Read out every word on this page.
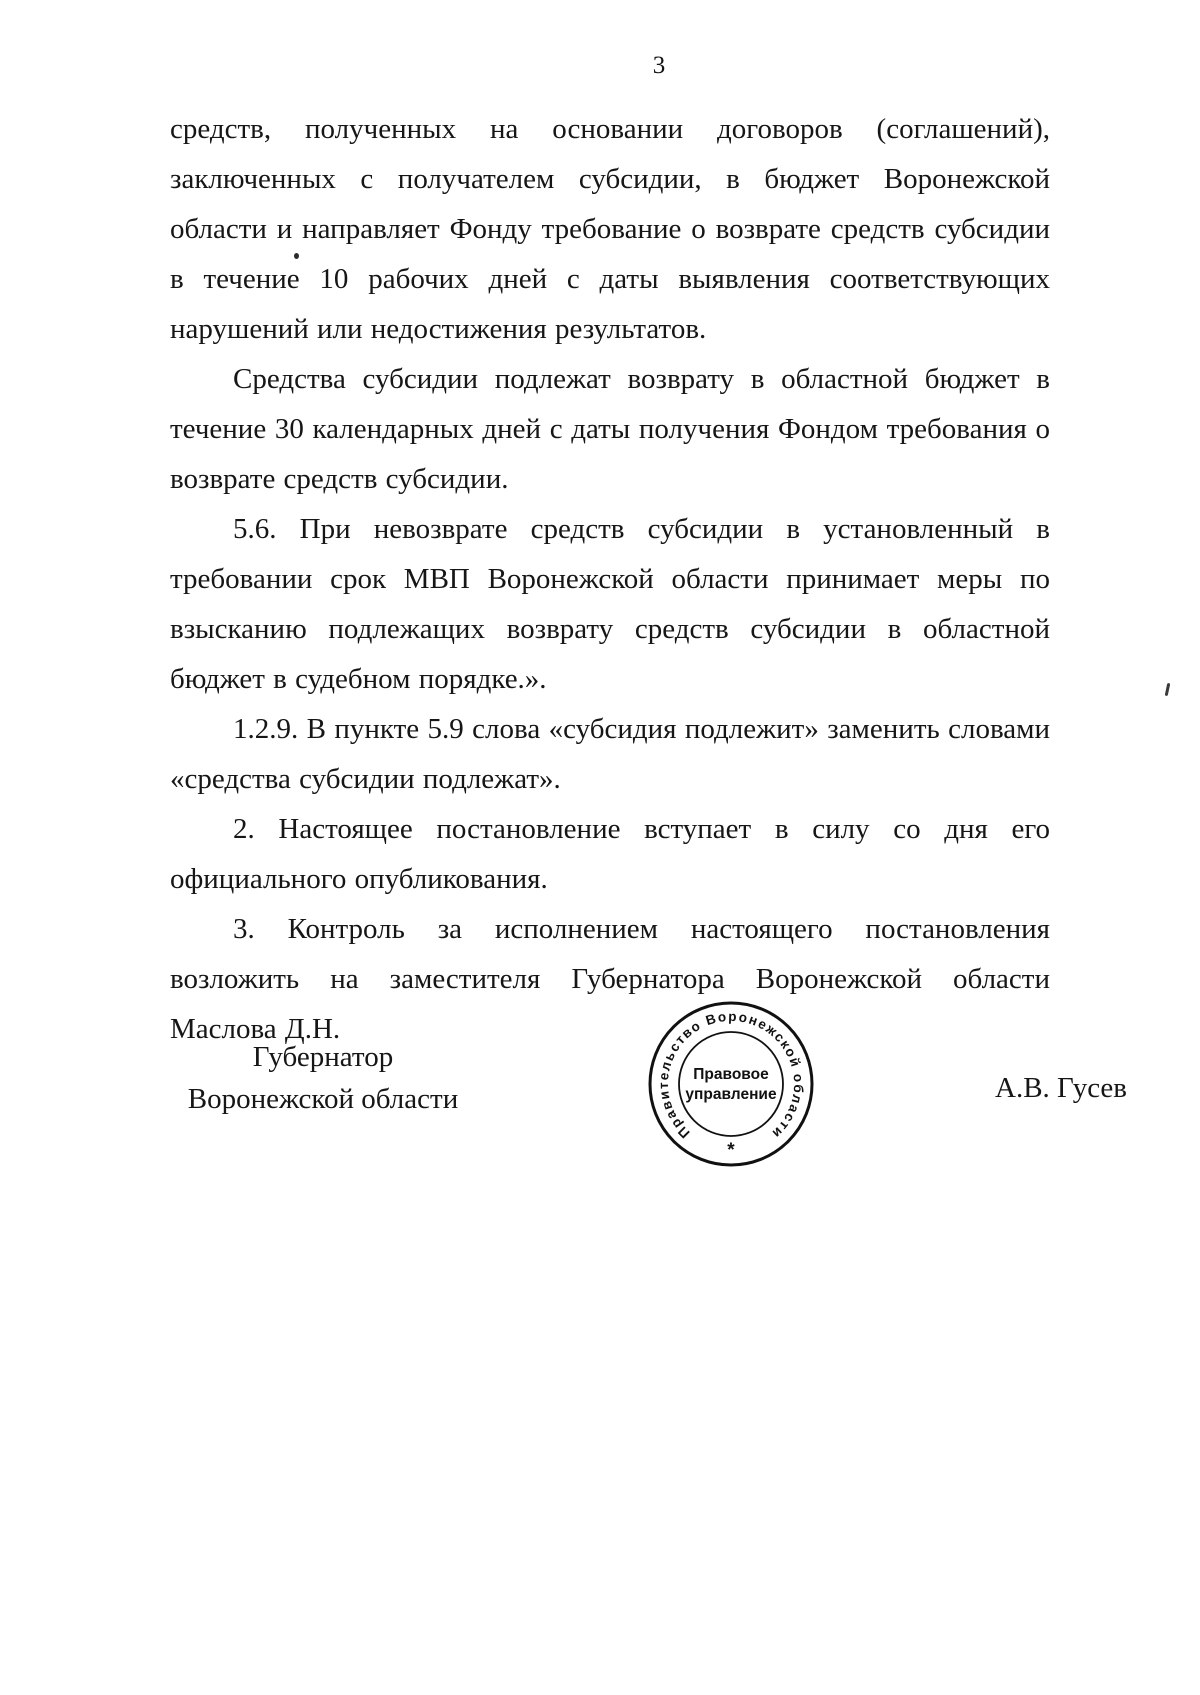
3

средств, полученных на основании договоров (соглашений), заключенных с получателем субсидии, в бюджет Воронежской области и направляет Фонду требование о возврате средств субсидии в течение 10 рабочих дней с даты выявления соответствующих нарушений или недостижения результатов.

Средства субсидии подлежат возврату в областной бюджет в течение 30 календарных дней с даты получения Фондом требования о возврате средств субсидии.

5.6. При невозврате средств субсидии в установленный в требовании срок МВП Воронежской области принимает меры по взысканию подлежащих возврату средств субсидии в областной бюджет в судебном порядке.».

1.2.9. В пункте 5.9 слова «субсидия подлежит» заменить словами «средства субсидии подлежат».

2. Настоящее постановление вступает в силу со дня его официального опубликования.

3. Контроль за исполнением настоящего постановления возложить на заместителя Губернатора Воронежской области Маслова Д.Н.

Губернатор
Воронежской области
Правительство Воронежской области
Правовое
управление
*
А.В. Гусев
